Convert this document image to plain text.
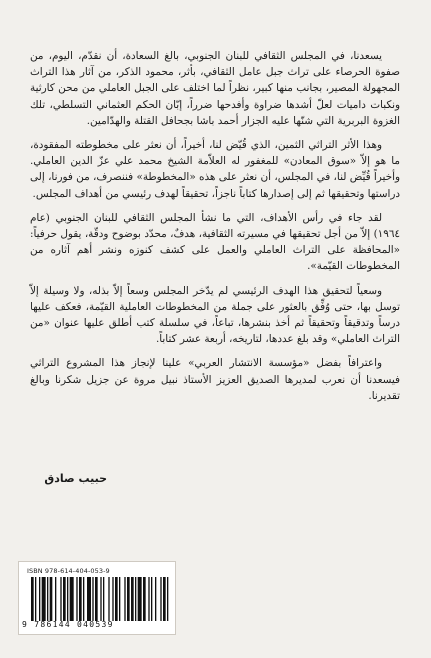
يسعدنا، في المجلس الثقافي للبنان الجنوبي، بالغ السعادة، أن نقدّم، اليوم، من صفوة الحرصاء على تراث جبل عامل الثقافي، بأثر، محمود الذكر، من آثار هذا التراث المجهولة المصير، بجانب منها كبير، نظراً لما اختلف على الجبل العاملي من محن كارثية ونكبات داميات لعلّ أشدها ضراوة وأفدحها ضرراً، إبّان الحكم العثماني التسلطي، تلك الغزوة البربرية التي شنّها عليه الجزار أحمد باشا بجحافل القتلة والهدّامين.

وهذا الأثر التراثي الثمين، الذي قُيّض لنا، أخيراً، أن نعثر على مخطوطته المفقودة، ما هو إلاّ «سوق المعادن» للمغفور له العلاّمة الشيخ محمد علي عزّ الدين العاملي. وأخيراً قُيِّض لنا، في المجلس، أن نعثر على هذه «المخطوطة» فننصرف، من فورنا، إلى دراستها وتحقيقها ثم إلى إصدارها كتاباً ناجزاً، تحقيقاً لهدف رئيسي من أهداف المجلس.

لقد جاء في رأس الأهداف، التي ما نشأ المجلس الثقافي للبنان الجنوبي (عام ١٩٦٤) إلاّ من أجل تحقيقها في مسيرته الثقافية، هدفٌ، محدّد بوضوح ودقّة، يقول حرفياً: «المحافظة على التراث العاملي والعمل على كشف كنوزه ونشر أهم آثاره من المخطوطات القيّمة».

وسعياً لتحقيق هذا الهدف الرئيسي لم يدّخر المجلس وسعاً إلاّ بذله، ولا وسيلة إلاّ توسل بها، حتى وُفِّق بالعثور على جملة من المخطوطات العاملية القيّمة، فعكف عليها درساً وتدقيقاً وتحقيقاً ثم أخذ بنشرها، تباعاً، في سلسلة كتب أطلق عليها عنوان «من التراث العاملي» وقد بلغ عددها، لتاريخه، أربعة عشر كتاباً.

واعترافاً بفضل «مؤسسة الانتشار العربي» علينا لإنجاز هذا المشروع التراثي فيسعدنا أن نعرب لمديرها الصديق العزيز الأستاذ نبيل مروة عن جزيل شكرنا وبالغ تقديرنا.

حبيب صادق
ISBN 978-614-404-053-9
9 786144 040539
